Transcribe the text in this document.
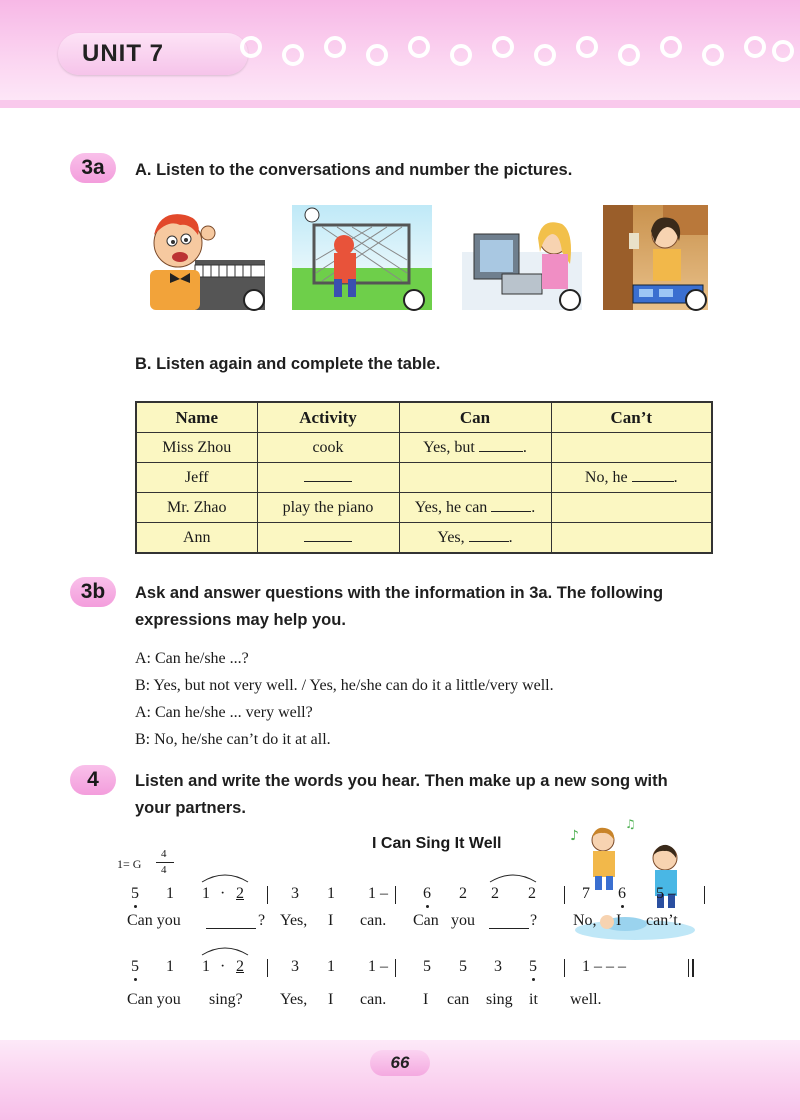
UNIT 7
3a	A. Listen to the conversations and number the pictures.
B. Listen again and complete the table.
Name	Activity	Can	Can’t
Miss Zhou	cook	Yes, but .	
Jeff			No, he .
Mr. Zhao	play the piano	Yes, he can .	
Ann		Yes, .	
3b	Ask and answer questions with the information in 3a. The following
expressions may help you.
A: Can he/she ...?
B: Yes, but not very well. / Yes, he/she can do it a little/very well.
A: Can he/she ... very well?
B: No, he/she can’t do it at all.
4	Listen and write the words you hear. Then make up a new song with
your partners.
I Can Sing It Well	♪
♫
1= G
4
4
5 1 1 · 2	3 1 1 – 6 2 2 2	7 6 5 –
Can you	? Yes, I can. Can you	? No, I can’t.
5 1 1 · 2	3 1 1 – 5 5 3 5	1 – – –
Can you sing? Yes, I can. I can sing it well.
66
